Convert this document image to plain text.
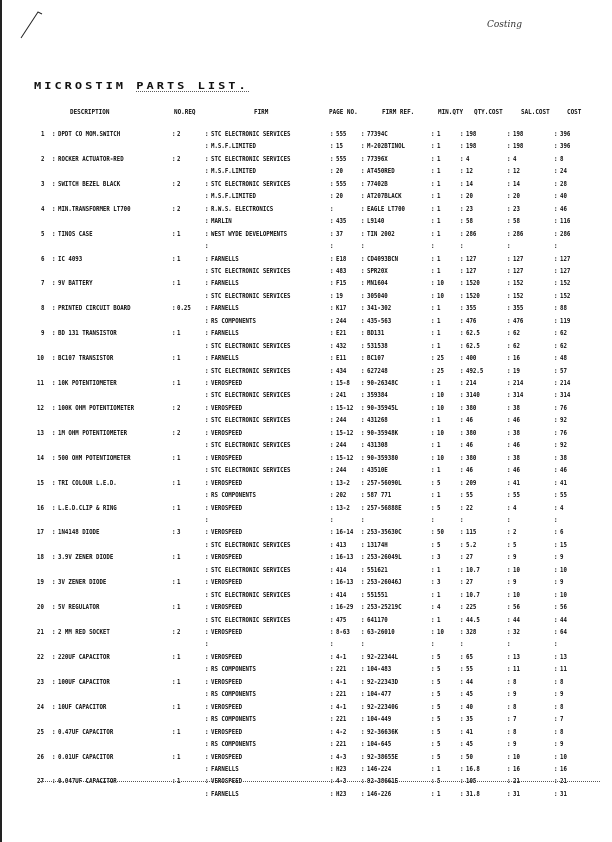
Costing
MICROSTIM PARTS LIST.
DESCRIPTION	NO.REQ	FIRM	PAGE NO.	FIRM REF.	MIN.QTY QTY.COST	SAL.COST COST
1 : DPDT CO MOM.SWITCH	: 2	: STC ELECTRONIC SERVICES	: 555 : 77394C	: 1	: 198	: 198	: 396
: M.S.F.LIMITED	: 15	: M-202BTINOL	: 1	: 198	: 198	: 396
2 : ROCKER ACTUATOR-RED	: 2	: STC ELECTRONIC SERVICES	: 555 : 77396X	: 1	: 4	: 4	: 8
: M.S.F.LIMITED	: 20	: AT450RED	: 1	: 12	: 12	: 24
3 : SWITCH BEZEL BLACK	: 2	: STC ELECTRONIC SERVICES	: 555 : 77402B	: 1	: 14	: 14	: 28
: M.S.F.LIMITED	: 20	: AT207BLACK	: 1	: 20	: 20	: 40
4 : MIN.TRANSFORMER LT700	: 2	: R.W.S. ELECTRONICS	:	: EAGLE LT700	: 1	: 23	: 23	: 46
: MARLIN	: 435 : L9140	: 1	: 58	: 58	: 116
5 : TINOS CASE	: 1	: WEST WYDE DEVELOPMENTS	: 37	: TIN 2002	: 1	: 286	: 286	: 286
:	:	:	:	:	:	:
6 : IC 4093	: 1	: FARNELLS	: E18 : CD4093BCN	: 1	: 127	: 127	: 127
: STC ELECTRONIC SERVICES	: 483 : SPR20X	: 1	: 127	: 127	: 127
7 : 9V BATTERY	: 1	: FARNELLS	: F15 : MN1604	: 10 : 1520	: 152	: 152
: STC ELECTRONIC SERVICES	: 19	: 305040	: 10 : 1520	: 152	: 152
8 : PRINTED CIRCUIT BOARD	: 0.25 : FARNELLS	: K17 : 341-302	: 1	: 355	: 355	: 88
: RS COMPONENTS	: 244 : 435-563	: 1	: 476	: 476	: 119
9 : BD 131 TRANSISTOR	: 1	: FARNELLS	: E21 : BD131	: 1	: 62.5	: 62	: 62
: STC ELECTRONIC SERVICES	: 432 : 531538	: 1	: 62.5	: 62	: 62
10 : BC107 TRANSISTOR	: 1	: FARNELLS	: E11 : BC107	: 25 : 400	: 16	: 48
: STC ELECTRONIC SERVICES	: 434 : 627248	: 25 : 492.5	: 19	: 57
11 : 10K POTENTIOMETER	: 1	: VEROSPEED	: 15-8 : 90-26348C	: 1	: 214	: 214	: 214
: STC ELECTRONIC SERVICES	: 241 : 359384	: 10 : 3140	: 314	: 314
12 : 100K OHM POTENTIOMETER	: 2	: VEROSPEED	: 15-12 : 90-35945L	: 10 : 380	: 38	: 76
: STC ELECTRONIC SERVICES	: 244 : 431268	: 1	: 46	: 46	: 92
13 : 1M OHM POTENTIOMETER	: 2	: VEROSPEED	: 15-12 : 90-35948K	: 10 : 380	: 38	: 76
: STC ELECTRONIC SERVICES	: 244 : 431308	: 1	: 46	: 46	: 92
14 : 500 OHM POTENTIOMETER	: 1	: VEROSPEED	: 15-12 : 90-359380	: 10 : 380	: 38	: 38
: STC ELECTRONIC SERVICES	: 244 : 43510E	: 1	: 46	: 46	: 46
15 : TRI COLOUR L.E.D.	: 1	: VEROSPEED	: 13-2 : 257-56090L	: 5	: 209	: 41	: 41
: RS COMPONENTS	: 202 : 587 771	: 1	: 55	: 55	: 55
16 : L.E.D.CLIP & RING	: 1	: VEROSPEED	: 13-2 : 257-56888E	: 5	: 22	: 4	: 4
:	:	:	:	:	:	:
17 : 1N4148 DIODE	: 3	: VEROSPEED	: 16-14 : 253-35630C	: 50 : 115	: 2	: 6
: STC ELECTRONIC SERVICES	: 413 : 13174H	: 5	: 5.2	: 5	: 15
18 : 3.9V ZENER DIODE	: 1	: VEROSPEED	: 16-13 : 253-26049L	: 3	: 27	: 9	: 9
: STC ELECTRONIC SERVICES	: 414 : 551621	: 1	: 10.7	: 10	: 10
19 : 3V ZENER DIODE	: 1	: VEROSPEED	: 16-13 : 253-26046J	: 3	: 27	: 9	: 9
: STC ELECTRONIC SERVICES	: 414 : 551551	: 1	: 10.7	: 10	: 10
20 : 5V REGULATOR	: 1	: VEROSPEED	: 16-29 : 253-25219C	: 4	: 225	: 56	: 56
: STC ELECTRONIC SERVICES	: 475 : 641170	: 1	: 44.5	: 44	: 44
21 : 2 MM RED SOCKET	: 2	: VEROSPEED	: 8-63 : 63-26010	: 10 : 328	: 32	: 64
:	:	:	:	:	:	:
22 : 220UF CAPACITOR	: 1	: VEROSPEED	: 4-1 : 92-22344L	: 5	: 65	: 13	: 13
: RS COMPONENTS	: 221 : 104-483	: 5	: 55	: 11	: 11
23 : 100UF CAPACITOR	: 1	: VEROSPEED	: 4-1 : 92-22343D	: 5	: 44	: 8	: 8
: RS COMPONENTS	: 221 : 104-477	: 5	: 45	: 9	: 9
24 : 10UF CAPACITOR	: 1	: VEROSPEED	: 4-1 : 92-22340G	: 5	: 40	: 8	: 8
: RS COMPONENTS	: 221 : 104-449	: 5	: 35	: 7	: 7
25 : 0.47UF CAPACITOR	: 1	: VEROSPEED	: 4-2 : 92-36636K	: 5	: 41	: 8	: 8
: RS COMPONENTS	: 221 : 104-645	: 5	: 45	: 9	: 9
26 : 0.01UF CAPACITOR	: 1	: VEROSPEED	: 4-3 : 92-38655E	: 5	: 50	: 10	: 10
: FARNELLS	: H23 : 146-224	: 1	: 16.8	: 16	: 16
27 : 0.047UF CAPACITOR	: 1	: VEROSPEED	: 4-3 : 92-38661E	: 5	: 105	: 21	: 21
: FARNELLS	: H23 : 146-226	: 1	: 31.8	: 31	: 31
